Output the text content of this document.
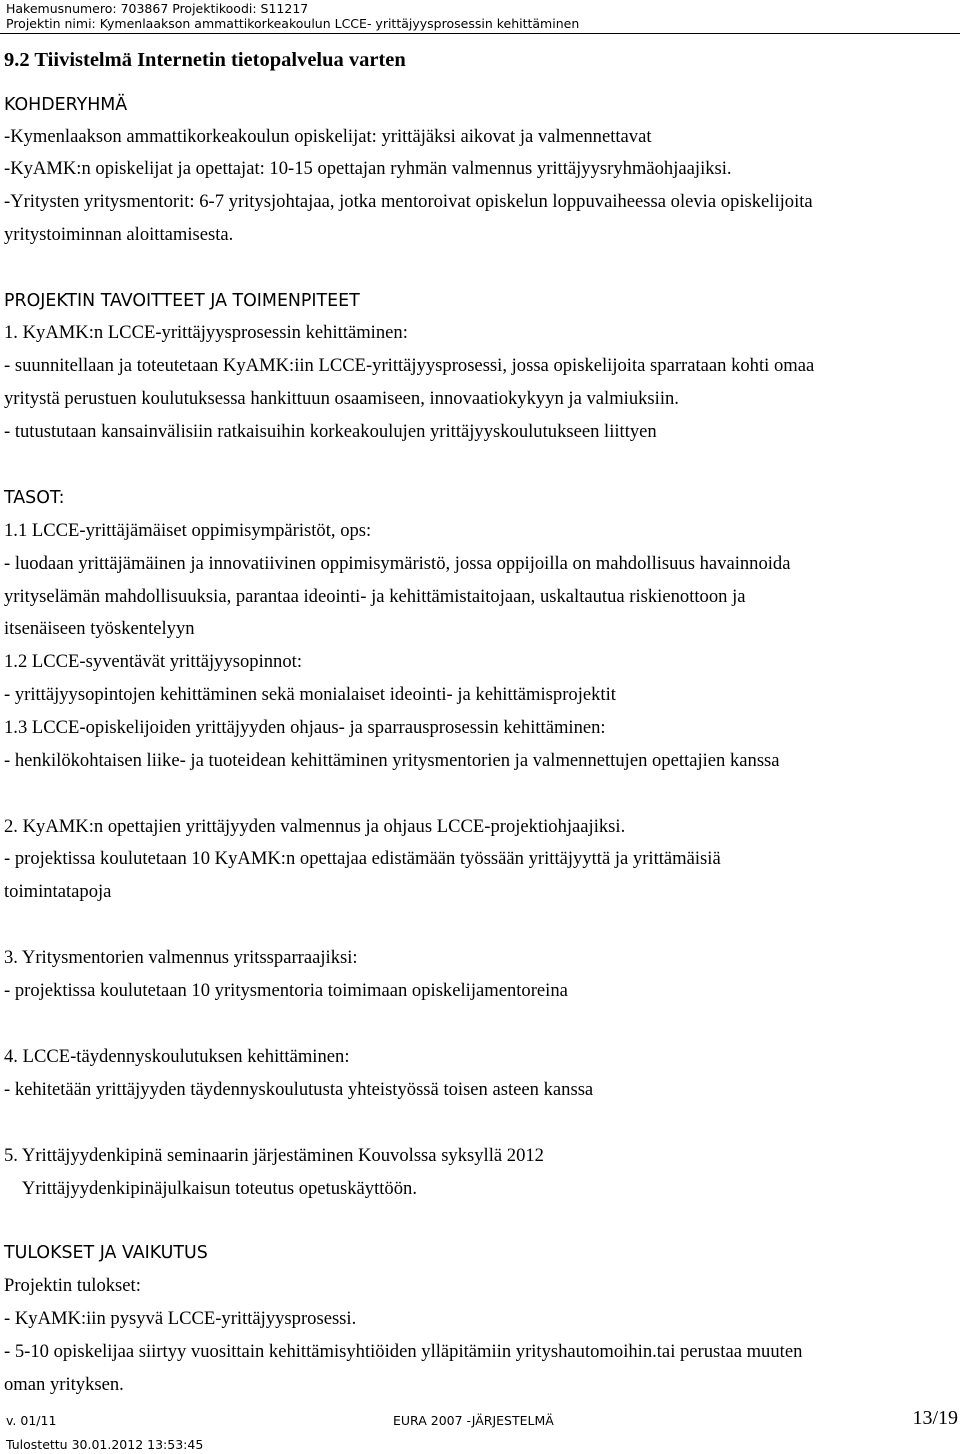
Hakemusnumero: 703867 Projektikoodi: S11217
Projektin nimi: Kymenlaakson ammattikorkeakoulun LCCE- yrittäjyysprosessin kehittäminen
9.2 Tiivistelmä Internetin tietopalvelua varten
KOHDERYHMÄ
-Kymenlaakson ammattikorkeakoulun opiskelijat: yrittäjäksi aikovat ja valmennettavat
-KyAMK:n opiskelijat ja opettajat: 10-15 opettajan ryhmän valmennus yrittäjyysryhmäohjaajiksi.
-Yritysten yritysmentorit: 6-7 yritysjohtajaa, jotka mentoroivat opiskelun loppuvaiheessa olevia opiskelijoita
yritystoiminnan aloittamisesta.
PROJEKTIN TAVOITTEET JA TOIMENPITEET
1. KyAMK:n LCCE-yrittäjyysprosessin kehittäminen:
- suunnitellaan ja toteutetaan KyAMK:iin LCCE-yrittäjyysprosessi, jossa opiskelijoita sparrataan kohti omaa
yritystä perustuen koulutuksessa hankittuun osaamiseen, innovaatiokykyyn ja valmiuksiin.
- tutustutaan kansainvälisiin ratkaisuihin korkeakoulujen yrittäjyyskoulutukseen liittyen
TASOT:
1.1 LCCE-yrittäjämäiset oppimisympäristöt, ops:
- luodaan yrittäjämäinen ja innovatiivinen oppimisymäristö, jossa oppijoilla on mahdollisuus havainnoida
yrityselämän mahdollisuuksia, parantaa ideointi- ja kehittämistaitojaan, uskaltautua riskienottoon ja
itsenäiseen työskentelyyn
1.2 LCCE-syventävät yrittäjyysopinnot:
- yrittäjyysopintojen kehittäminen sekä monialaiset ideointi- ja kehittämisprojektit
1.3 LCCE-opiskelijoiden yrittäjyyden ohjaus- ja sparrausprosessin kehittäminen:
- henkilökohtaisen liike- ja tuoteidean kehittäminen yritysmentorien ja valmennettujen opettajien kanssa
2. KyAMK:n opettajien yrittäjyyden valmennus ja ohjaus LCCE-projektiohjaajiksi.
- projektissa koulutetaan 10 KyAMK:n opettajaa edistämään työssään yrittäjyyttä ja yrittämäisiä
toimintatapoja
3. Yritysmentorien valmennus yritssparraajiksi:
- projektissa koulutetaan 10 yritysmentoria toimimaan opiskelijamentoreina
4. LCCE-täydennyskoulutuksen kehittäminen:
- kehitetään yrittäjyyden täydennyskoulutusta yhteistyössä toisen asteen kanssa
5. Yrittäjyydenkipinä seminaarin järjestäminen Kouvolssa syksyllä 2012
Yrittäjyydenkipinäjulkaisun toteutus opetuskäyttöön.
TULOKSET JA VAIKUTUS
Projektin tulokset:
- KyAMK:iin pysyvä LCCE-yrittäjyysprosessi.
- 5-10 opiskelijaa siirtyy vuosittain kehittämisyhtiöiden ylläpitämiin yrityshautomoihin.tai perustaa muuten
oman yrityksen.
v. 01/11	EURA 2007 -JÄRJESTELMÄ	13/19
Tulostettu 30.01.2012 13:53:45
